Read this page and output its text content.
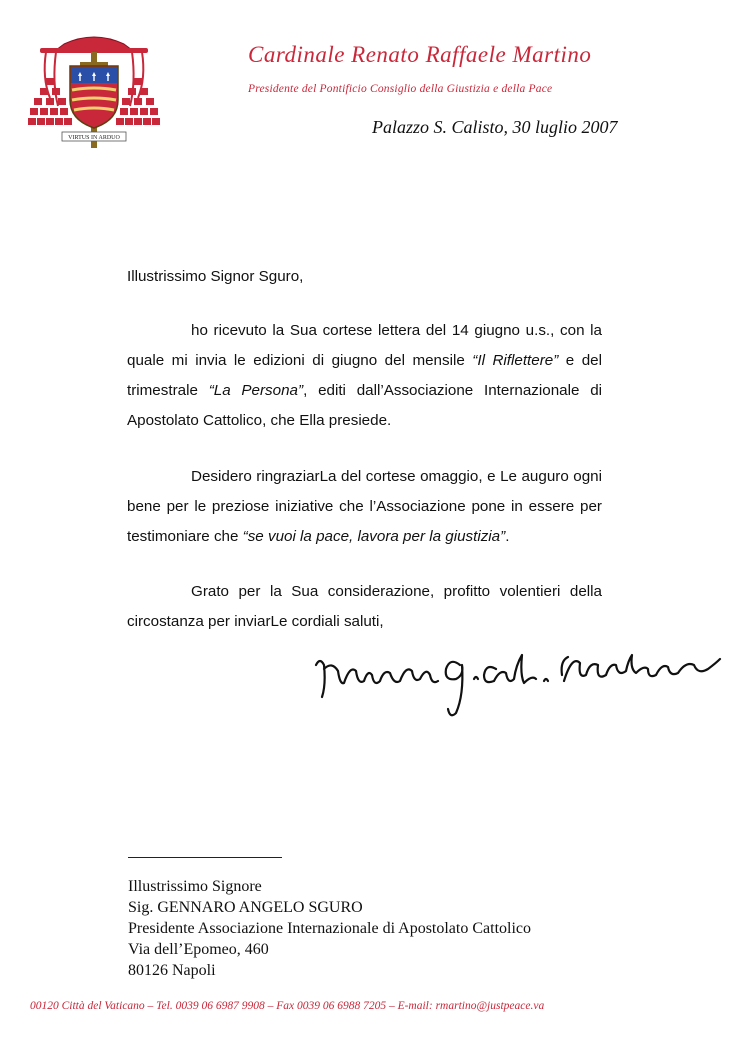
VIRTUS IN ARDUO
Cardinale Renato Raffaele Martino
Presidente del Pontificio Consiglio della Giustizia e della Pace
Palazzo S. Calisto, 30 luglio 2007

Illustrissimo Signor Sguro,

ho ricevuto la Sua cortese lettera del 14 giugno u.s., con la quale mi invia le edizioni di giugno del mensile “Il Riflettere” e del trimestrale “La Persona”, editi dall’Associazione Internazionale di Apostolato Cattolico, che Ella presiede.

Desidero ringraziarLa del cortese omaggio, e Le auguro ogni bene per le preziose iniziative che l’Associazione pone in essere per testimoniare che “se vuoi la pace, lavora per la giustizia”.

Grato per la Sua considerazione, profitto volentieri della circostanza per inviarLe cordiali saluti,

Illustrissimo Signore
Sig. GENNARO ANGELO SGURO
Presidente Associazione Internazionale di Apostolato Cattolico
Via dell’Epomeo, 460
80126 Napoli
00120 Città del Vaticano – Tel. 0039 06 6987 9908 – Fax 0039 06 6988 7205 – E-mail: rmartino@justpeace.va
